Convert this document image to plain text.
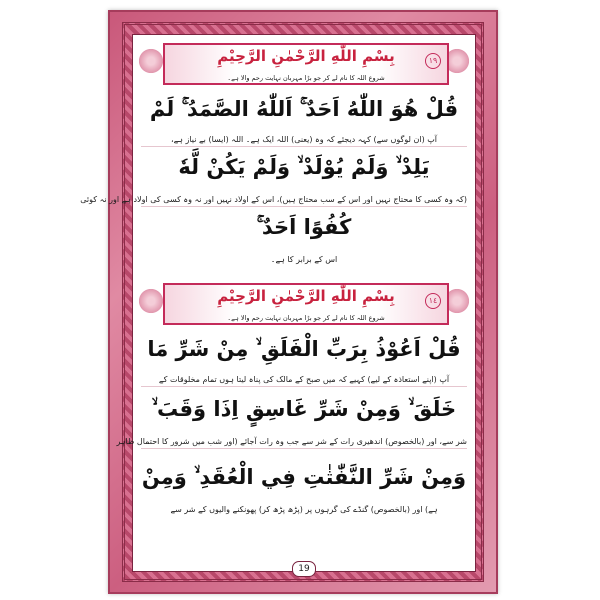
بِسْمِ اللّٰهِ الرَّحْمٰنِ الرَّحِيْمِ	١٩
شروع اللہ کا نام لے کر جو بڑا مہربان نہایت رحم والا ہے۔
قُلْ هُوَ اللّٰهُ اَحَدٌ ۚ اَللّٰهُ الصَّمَدُ ۚ لَمْ
آپ (ان لوگوں سے) کہہ دیجئے کہ وہ (یعنی) اللہ ایک ہے۔ اللہ (ایسا) بے نیاز ہے،
يَلِدْ ۙ وَلَمْ يُوْلَدْ ۙ وَلَمْ يَكُنْ لَّهٗ
(کہ وہ کسی کا محتاج نہیں اور اس کے سب محتاج ہیں)، اس کے اولاد نہیں اور نہ وہ کسی کی اولاد ہے اور نہ کوئی
كُفُوًا اَحَدٌ ۚ
اس کے برابر کا ہے۔
بِسْمِ اللّٰهِ الرَّحْمٰنِ الرَّحِيْمِ	١٤
شروع اللہ کا نام لے کر جو بڑا مہربان نہایت رحم والا ہے۔
قُلْ اَعُوْذُ بِرَبِّ الْفَلَقِ ۙ مِنْ شَرِّ مَا
آپ (اپنے استعاذہ کے لیے) کہیے کہ میں صبح کے مالک کی پناہ لیتا ہوں تمام مخلوقات کے
خَلَقَ ۙ وَمِنْ شَرِّ غَاسِقٍ اِذَا وَقَبَ ۙ
شر سے، اور (بالخصوص) اندھیری رات کے شر سے جب وہ رات آجائے (اور شب میں شرور کا احتمال ظاہر
وَمِنْ شَرِّ النَّفّٰثٰتِ فِي الْعُقَدِ ۙ وَمِنْ
ہے) اور (بالخصوص) گنڈے کی گرہوں پر (پڑھ پڑھ کر) پھونکنے والیوں کے شر سے
19
